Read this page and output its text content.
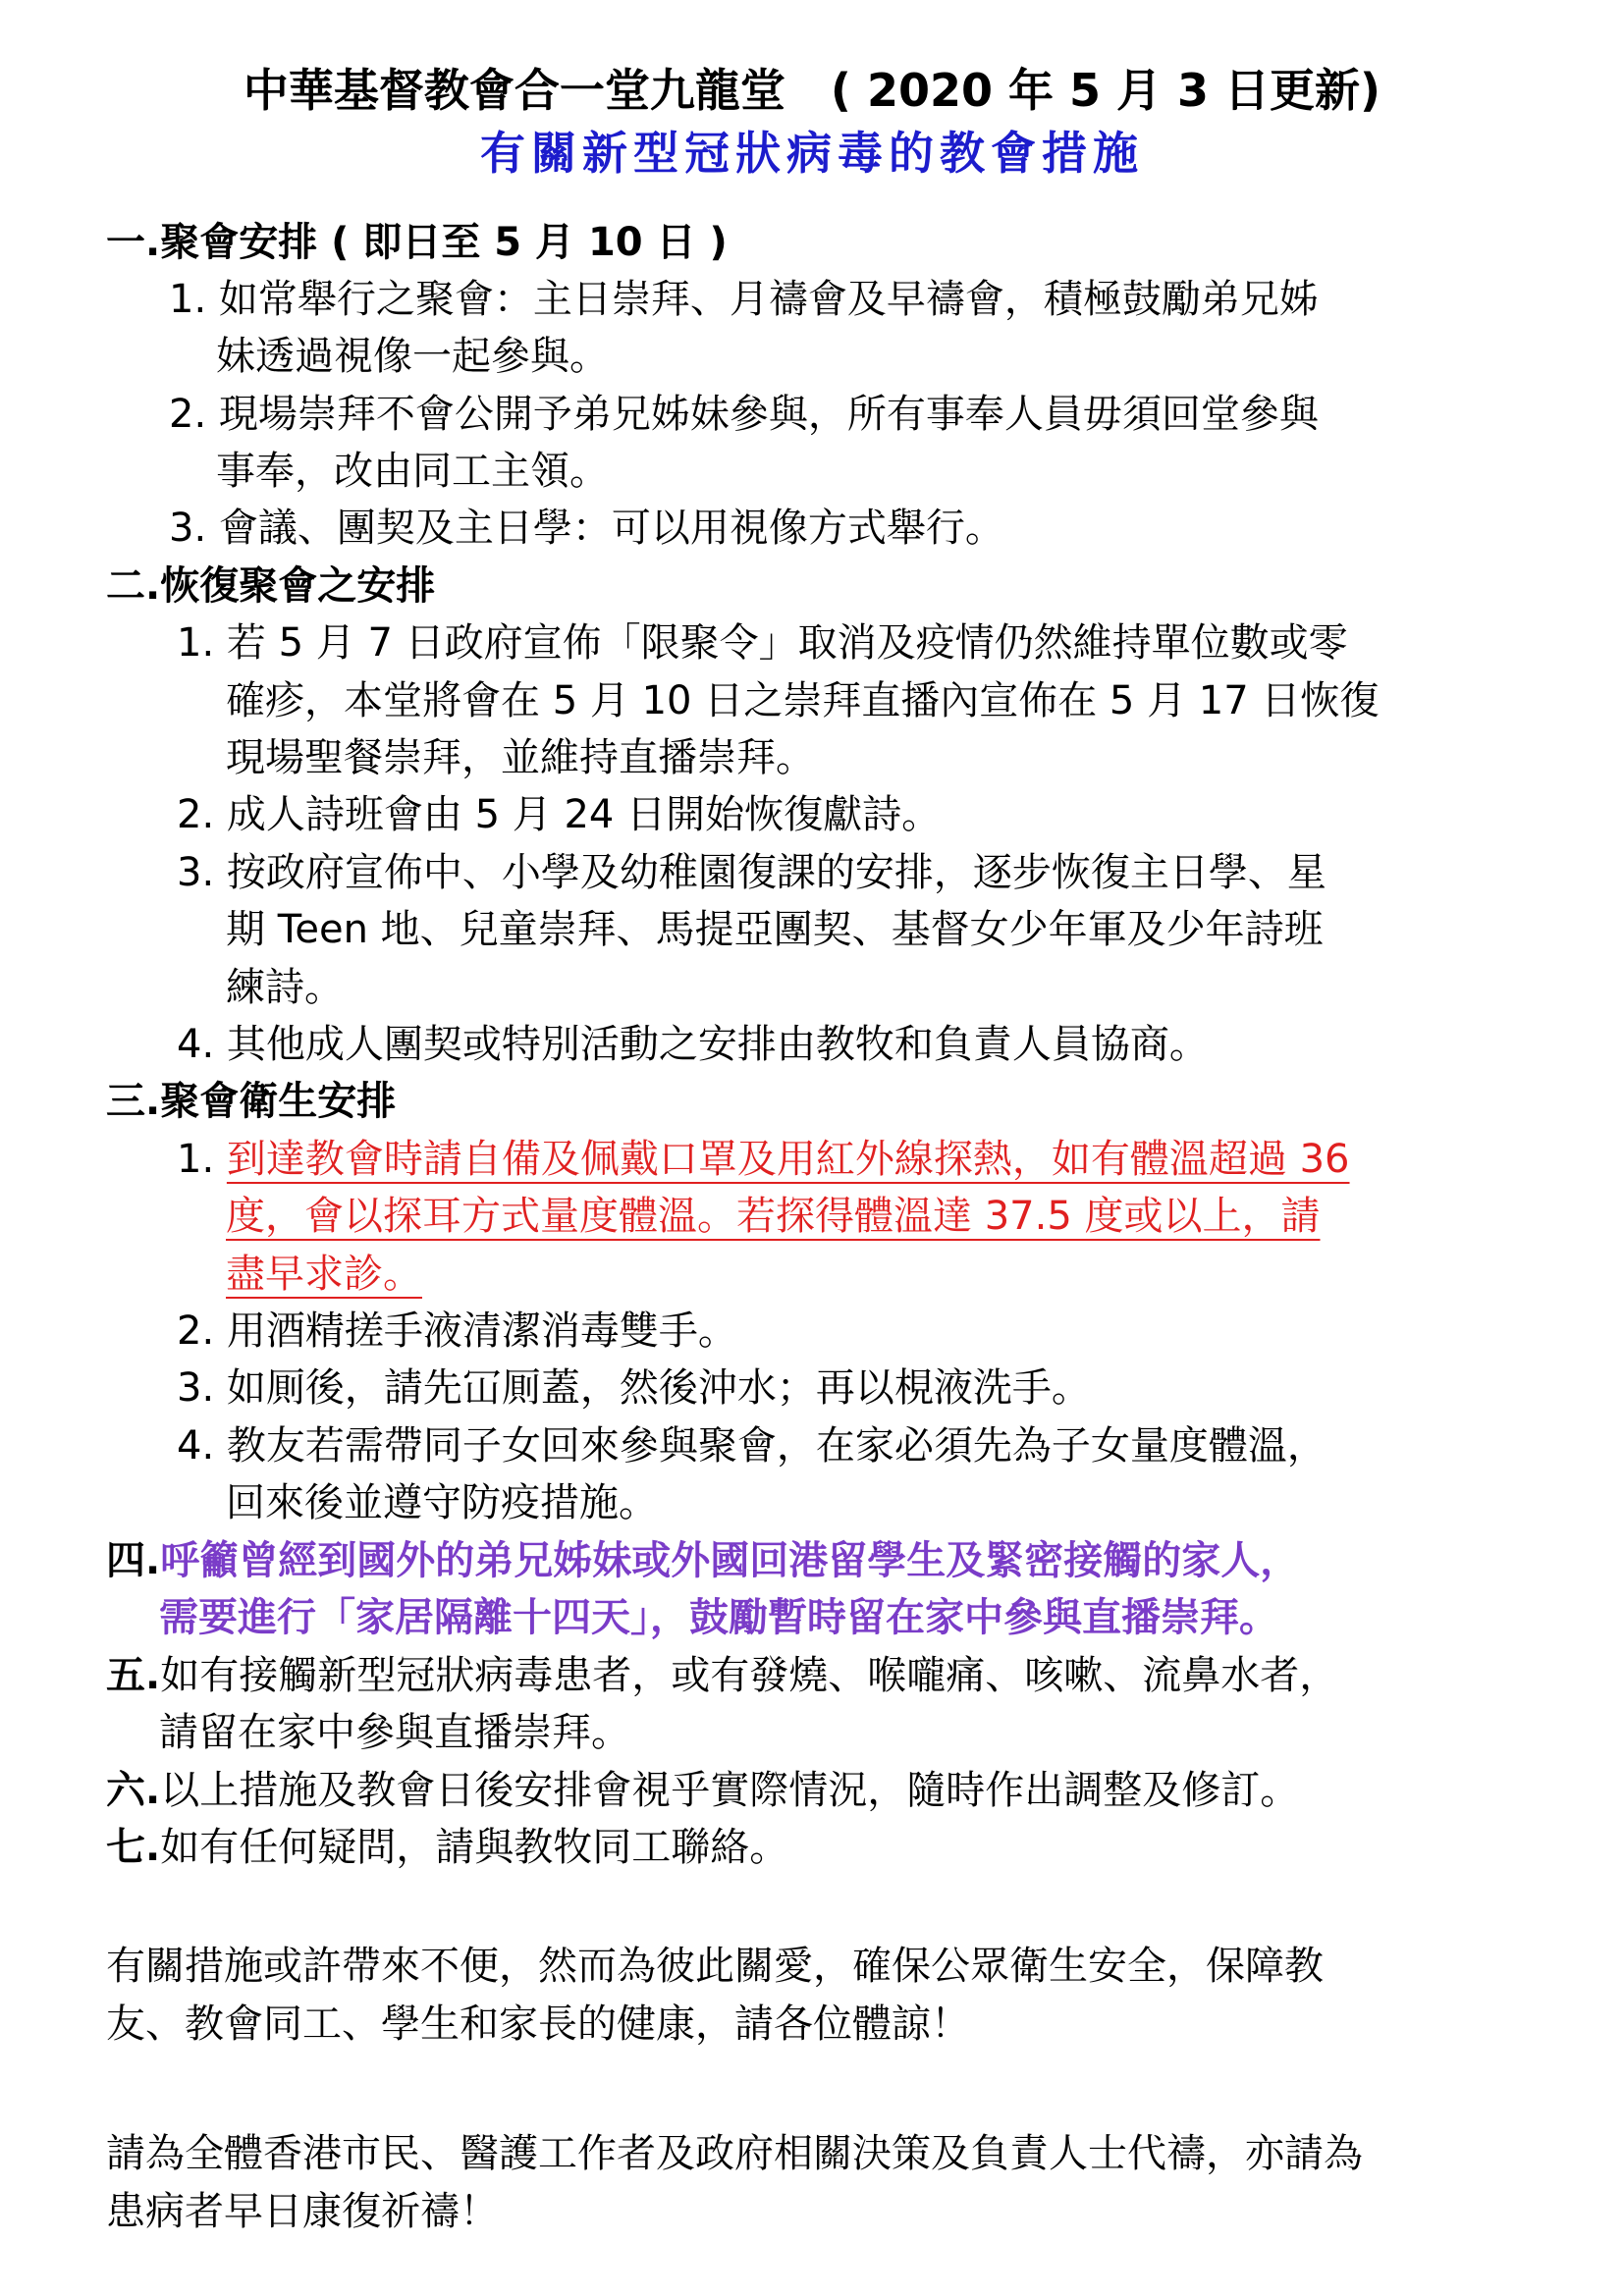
中華基督教會合一堂九龍堂　( 2020 年 5 月 3 日更新)
有關新型冠狀病毒的教會措施
一.聚會安排 ( 即日至 5 月 10 日 )
1. 如常舉行之聚會：主日崇拜、月禱會及早禱會，積極鼓勵弟兄姊
妹透過視像一起參與。
2. 現場崇拜不會公開予弟兄姊妹參與，所有事奉人員毋須回堂參與
事奉，改由同工主領。
3. 會議、團契及主日學：可以用視像方式舉行。
二.恢復聚會之安排
1. 若 5 月 7 日政府宣佈「限聚令」取消及疫情仍然維持單位數或零
確疹，本堂將會在 5 月 10 日之崇拜直播內宣佈在 5 月 17 日恢復
現場聖餐崇拜，並維持直播崇拜。
2. 成人詩班會由 5 月 24 日開始恢復獻詩。
3. 按政府宣佈中、小學及幼稚園復課的安排，逐步恢復主日學、星
期 Teen 地、兒童崇拜、馬提亞團契、基督女少年軍及少年詩班
練詩。
4. 其他成人團契或特別活動之安排由教牧和負責人員協商。
三.聚會衛生安排
1. 到達教會時請自備及佩戴口罩及用紅外線探熱，如有體溫超過 36
度，會以探耳方式量度體溫。若探得體溫達 37.5 度或以上，請
盡早求診。
2. 用酒精搓手液清潔消毒雙手。
3. 如厠後，請先冚厠蓋，然後沖水；再以梘液洗手。
4. 教友若需帶同子女回來參與聚會，在家必須先為子女量度體溫，
回來後並遵守防疫措施。
四.呼籲曾經到國外的弟兄姊妹或外國回港留學生及緊密接觸的家人，
需要進行「家居隔離十四天」，鼓勵暫時留在家中參與直播崇拜。
五.如有接觸新型冠狀病毒患者，或有發燒、喉嚨痛、咳嗽、流鼻水者，
請留在家中參與直播崇拜。
六.以上措施及教會日後安排會視乎實際情況，隨時作出調整及修訂。
七.如有任何疑問，請與教牧同工聯絡。
有關措施或許帶來不便，然而為彼此關愛，確保公眾衛生安全，保障教
友、教會同工、學生和家長的健康，請各位體諒！
請為全體香港市民、醫護工作者及政府相關決策及負責人士代禱，亦請為
患病者早日康復祈禱！
